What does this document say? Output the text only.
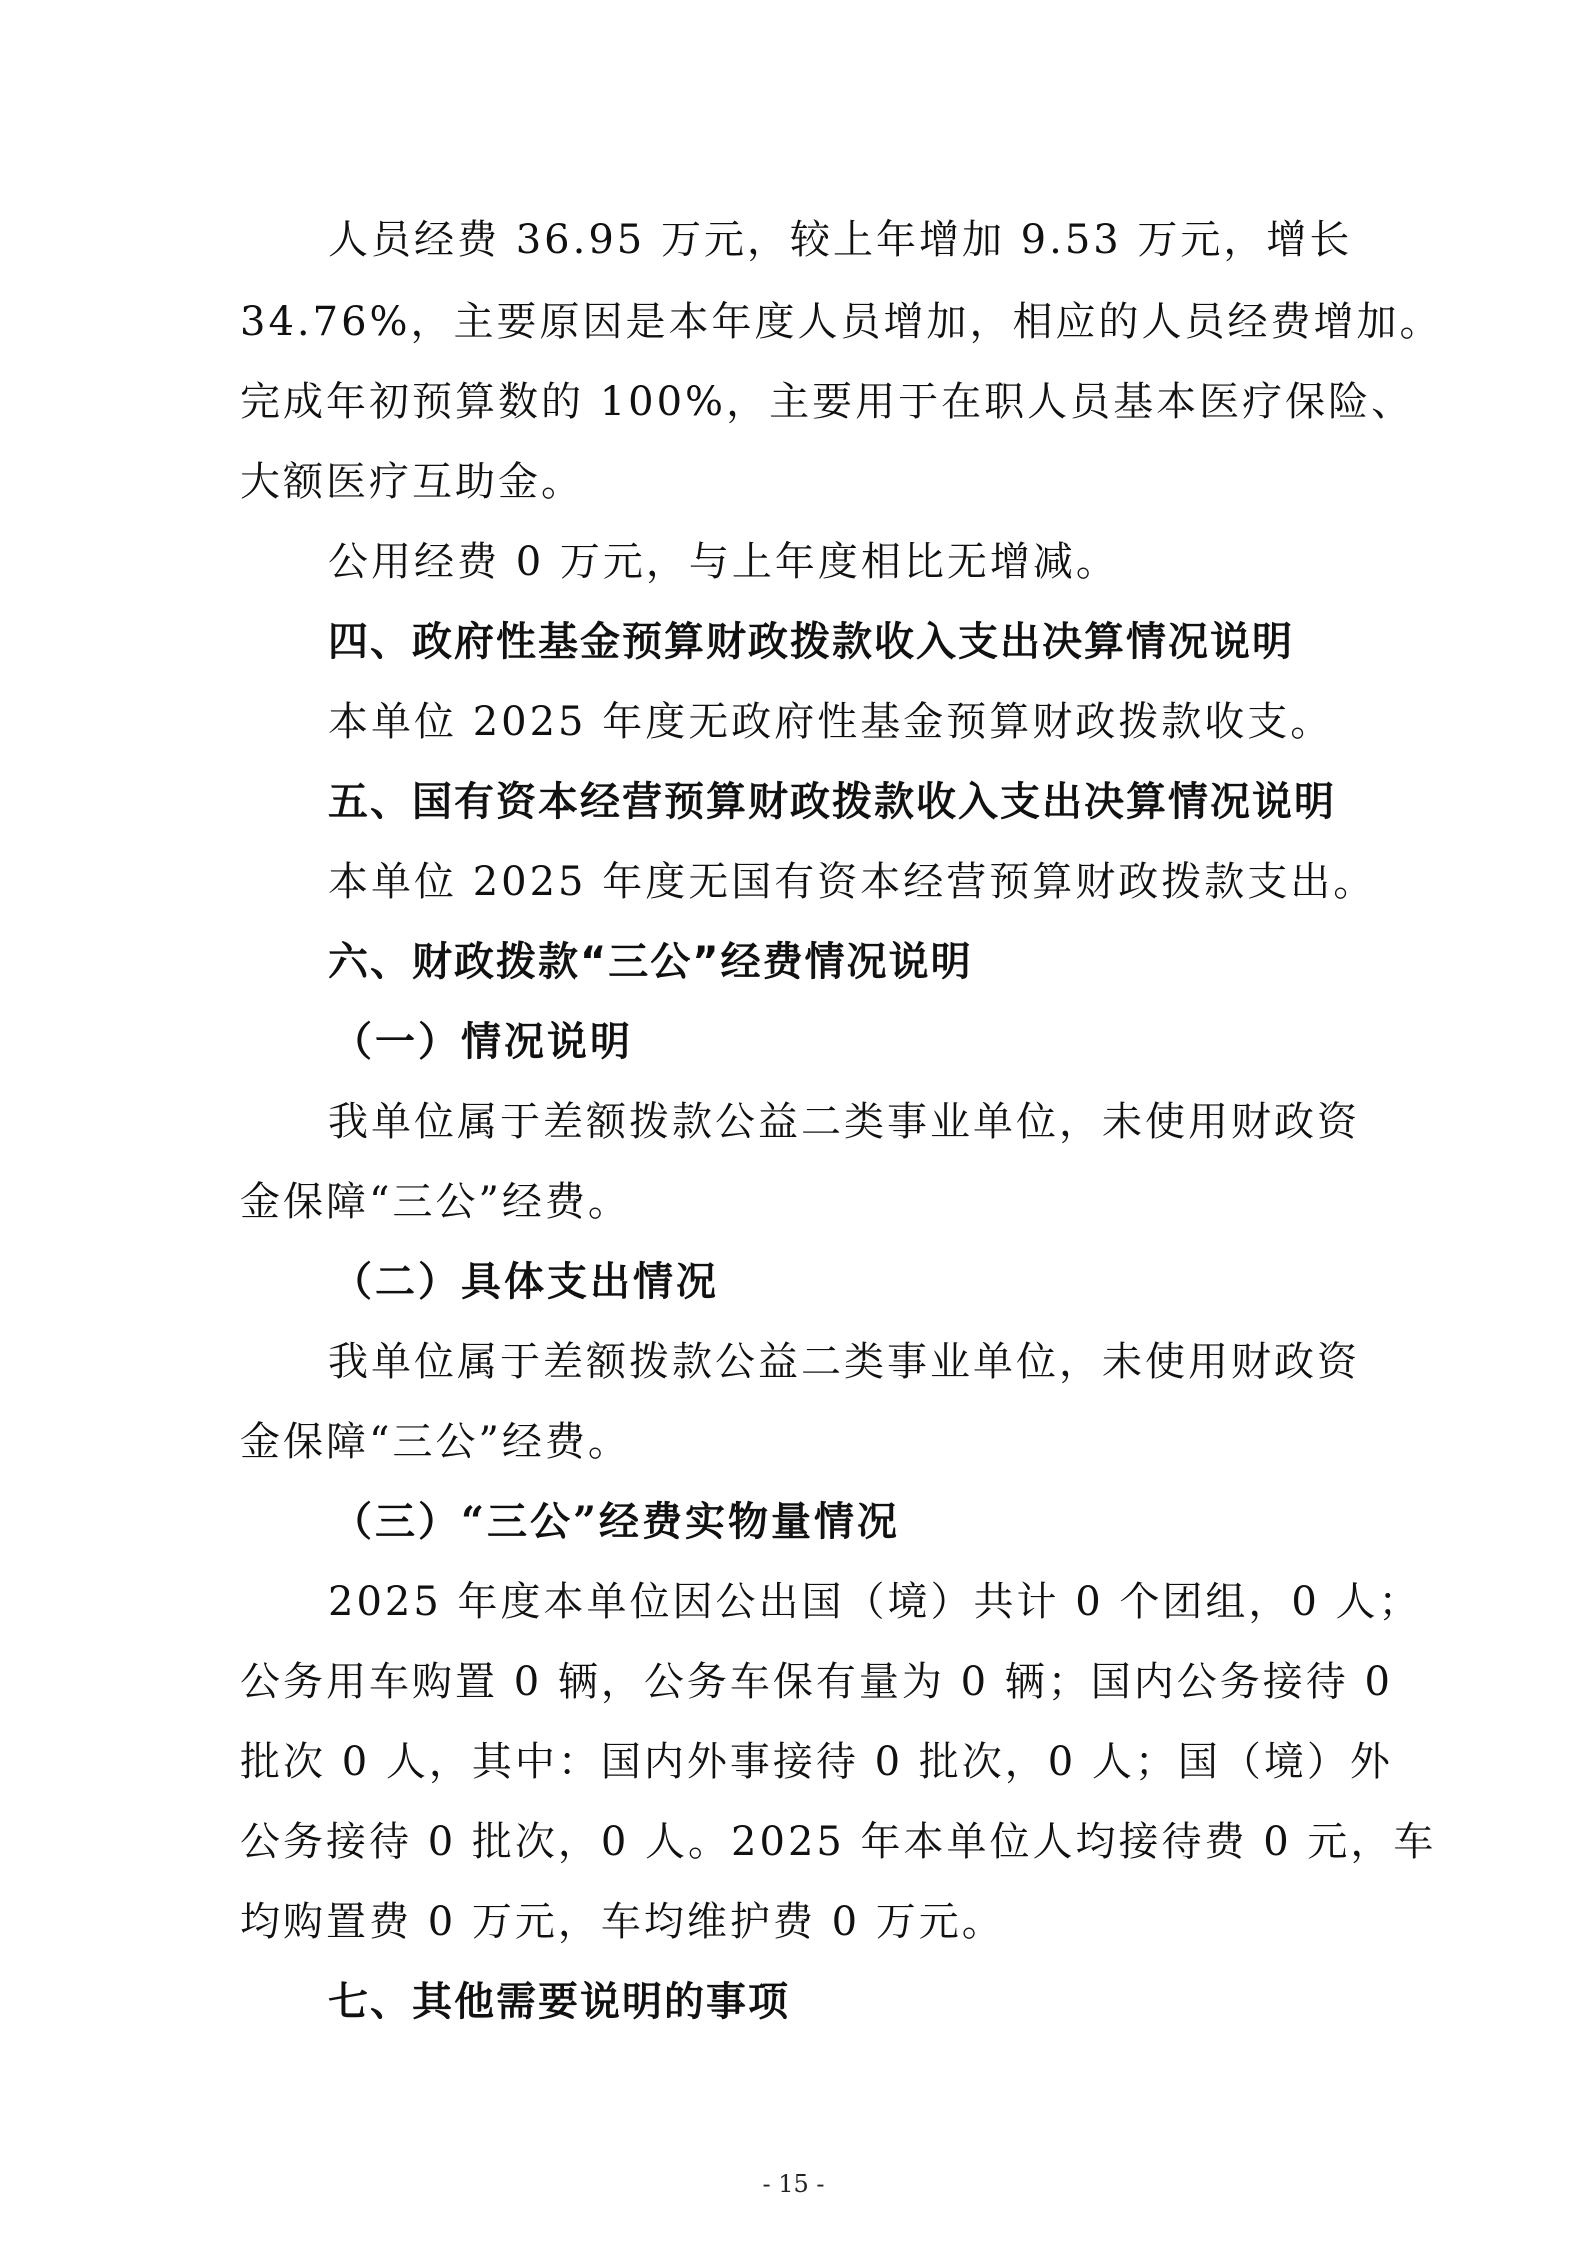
人员经费 36.95 万元，较上年增加 9.53 万元，增长
34.76%，主要原因是本年度人员增加，相应的人员经费增加。
完成年初预算数的 100%，主要用于在职人员基本医疗保险、
大额医疗互助金。
公用经费 0 万元，与上年度相比无增减。
四、政府性基金预算财政拨款收入支出决算情况说明
本单位 2025 年度无政府性基金预算财政拨款收支。
五、国有资本经营预算财政拨款收入支出决算情况说明
本单位 2025 年度无国有资本经营预算财政拨款支出。
六、财政拨款“三公”经费情况说明
（一）情况说明
我单位属于差额拨款公益二类事业单位，未使用财政资
金保障“三公”经费。
（二）具体支出情况
我单位属于差额拨款公益二类事业单位，未使用财政资
金保障“三公”经费。
（三）“三公”经费实物量情况
2025 年度本单位因公出国（境）共计 0 个团组，0 人；
公务用车购置 0 辆，公务车保有量为 0 辆；国内公务接待 0
批次 0 人，其中：国内外事接待 0 批次，0 人；国（境）外
公务接待 0 批次，0 人。2025 年本单位人均接待费 0 元，车
均购置费 0 万元，车均维护费 0 万元。
七、其他需要说明的事项
- 15 -
